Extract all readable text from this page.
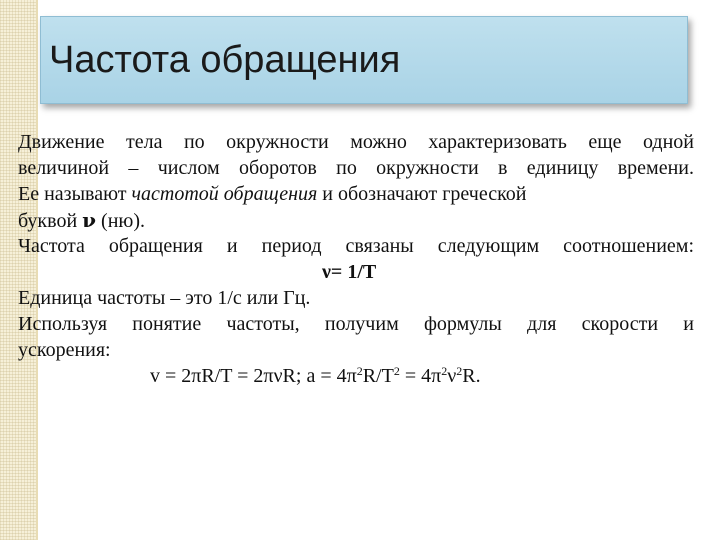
Частота обращения
Движение тела по окружности можно характеризовать еще одной
величиной – числом оборотов по окружности в единицу времени.
Ее называют частотой обращения и обозначают греческой
буквой ν (ню).
Частота обращения и период связаны следующим соотношением:
ν= 1/T
Единица частоты – это 1/с или Гц.
Используя понятие частоты, получим формулы для скорости и
ускорения:
v = 2πR/T = 2πνR; $a = 4\pi^2R/T^2 = 4\pi^2\nu^2R$.
